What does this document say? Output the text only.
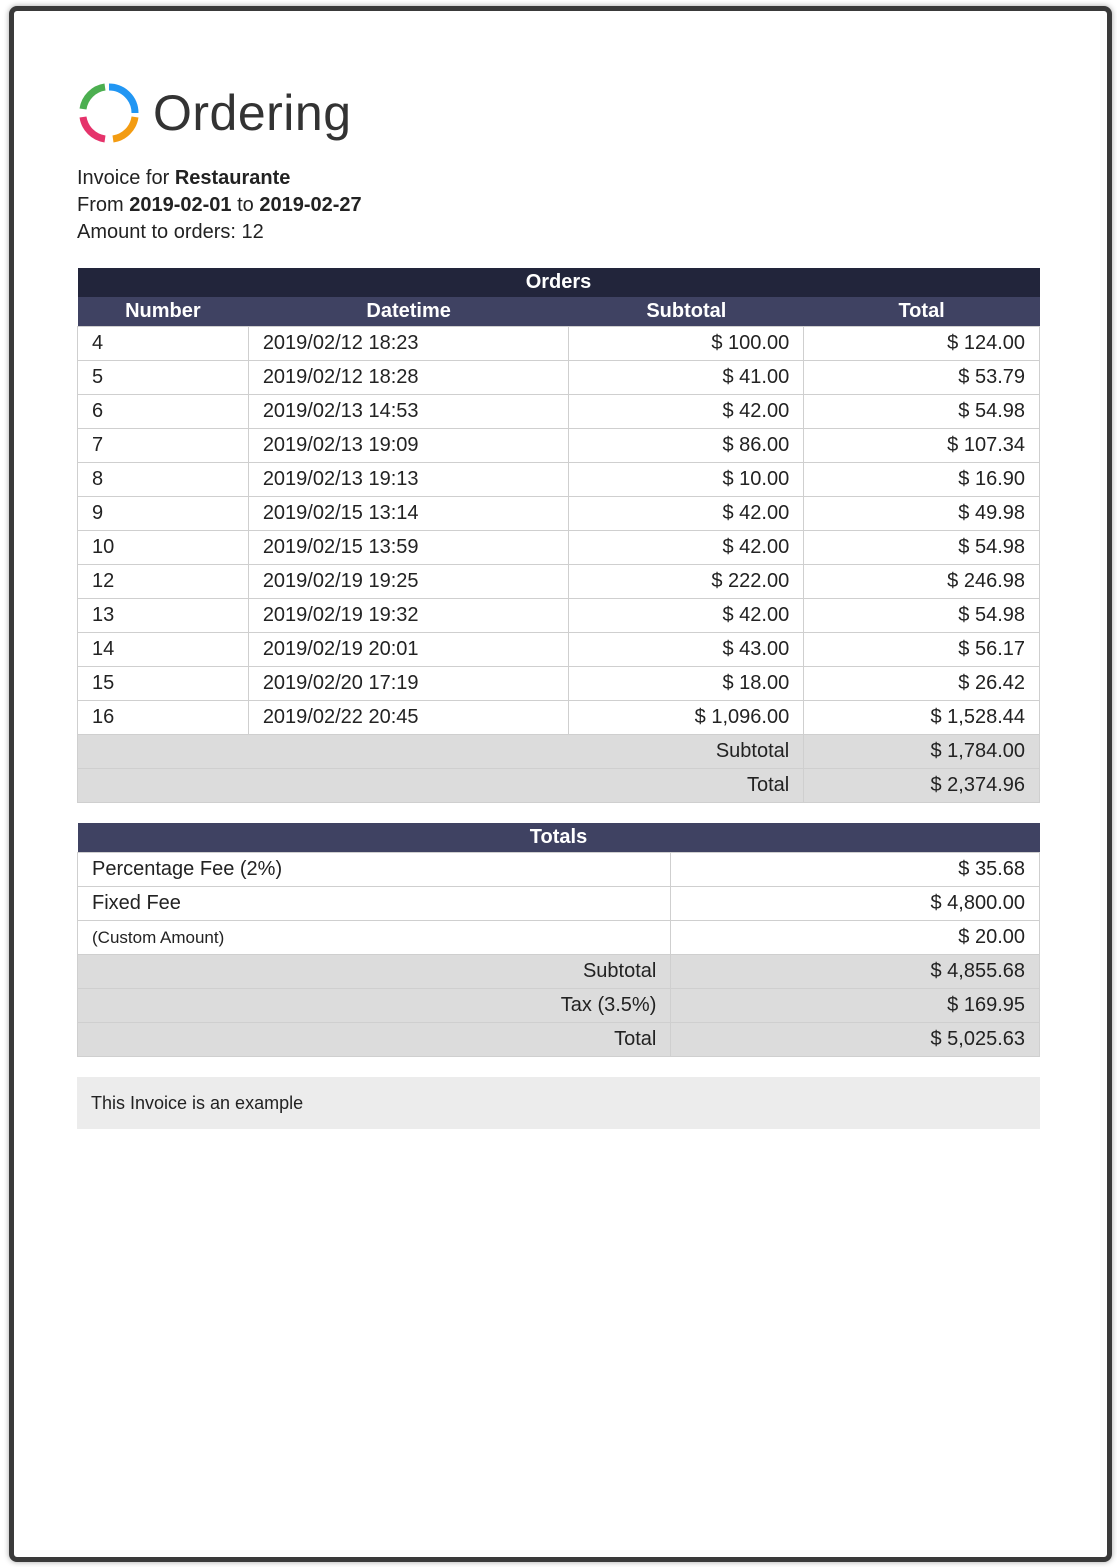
Ordering
Invoice for Restaurante
From 2019-02-01 to 2019-02-27
Amount to orders: 12
Orders			
Number	Datetime	Subtotal	Total
4	2019/02/12 18:23	$ 100.00	$ 124.00
5	2019/02/12 18:28	$ 41.00	$ 53.79
6	2019/02/13 14:53	$ 42.00	$ 54.98
7	2019/02/13 19:09	$ 86.00	$ 107.34
8	2019/02/13 19:13	$ 10.00	$ 16.90
9	2019/02/15 13:14	$ 42.00	$ 49.98
10	2019/02/15 13:59	$ 42.00	$ 54.98
12	2019/02/19 19:25	$ 222.00	$ 246.98
13	2019/02/19 19:32	$ 42.00	$ 54.98
14	2019/02/19 20:01	$ 43.00	$ 56.17
15	2019/02/20 17:19	$ 18.00	$ 26.42
16	2019/02/22 20:45	$ 1,096.00	$ 1,528.44
Subtotal			$ 1,784.00
Total			$ 2,374.96
Totals	
Percentage Fee (2%)	$ 35.68
Fixed Fee	$ 4,800.00
(Custom Amount)	$ 20.00
Subtotal	$ 4,855.68
Tax (3.5%)	$ 169.95
Total	$ 5,025.63
This Invoice is an example
